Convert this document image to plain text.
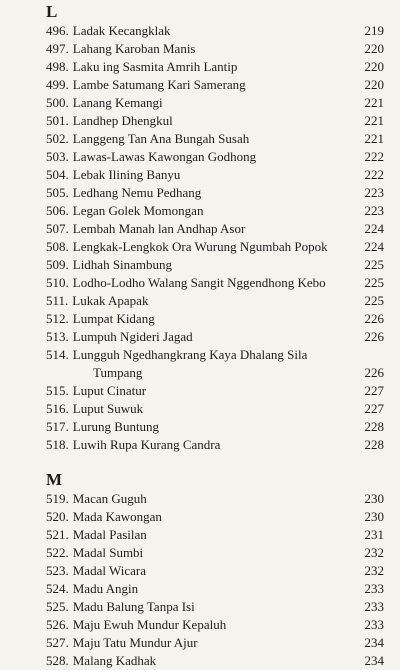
L
496. Ladak Kecangklak	219
497. Lahang Karoban Manis	220
498. Laku ing Sasmita Amrih Lantip	220
499. Lambe Satumang Kari Samerang	220
500. Lanang Kemangi	221
501. Landhep Dhengkul	221
502. Langgeng Tan Ana Bungah Susah	221
503. Lawas-Lawas Kawongan Godhong	222
504. Lebak Ilining Banyu	222
505. Ledhang Nemu Pedhang	223
506. Legan Golek Momongan	223
507. Lembah Manah lan Andhap Asor	224
508. Lengkak-Lengkok Ora Wurung Ngumbah Popok	224
509. Lidhah Sinambung	225
510. Lodho-Lodho Walang Sangit Nggendhong Kebo	225
511. Lukak Apapak	225
512. Lumpat Kidang	226
513. Lumpuh Ngideri Jagad	226
514. Lungguh Ngedhangkrang Kaya Dhalang Sila
Tumpang	226
515. Luput Cinatur	227
516. Luput Suwuk	227
517. Lurung Buntung	228
518. Luwih Rupa Kurang Candra	228
M
519. Macan Guguh	230
520. Mada Kawongan	230
521. Madal Pasilan	231
522. Madal Sumbi	232
523. Madal Wicara	232
524. Madu Angin	233
525. Madu Balung Tanpa Isi	233
526. Maju Ewuh Mundur Kepaluh	233
527. Maju Tatu Mundur Ajur	234
528. Malang Kadhak	234
